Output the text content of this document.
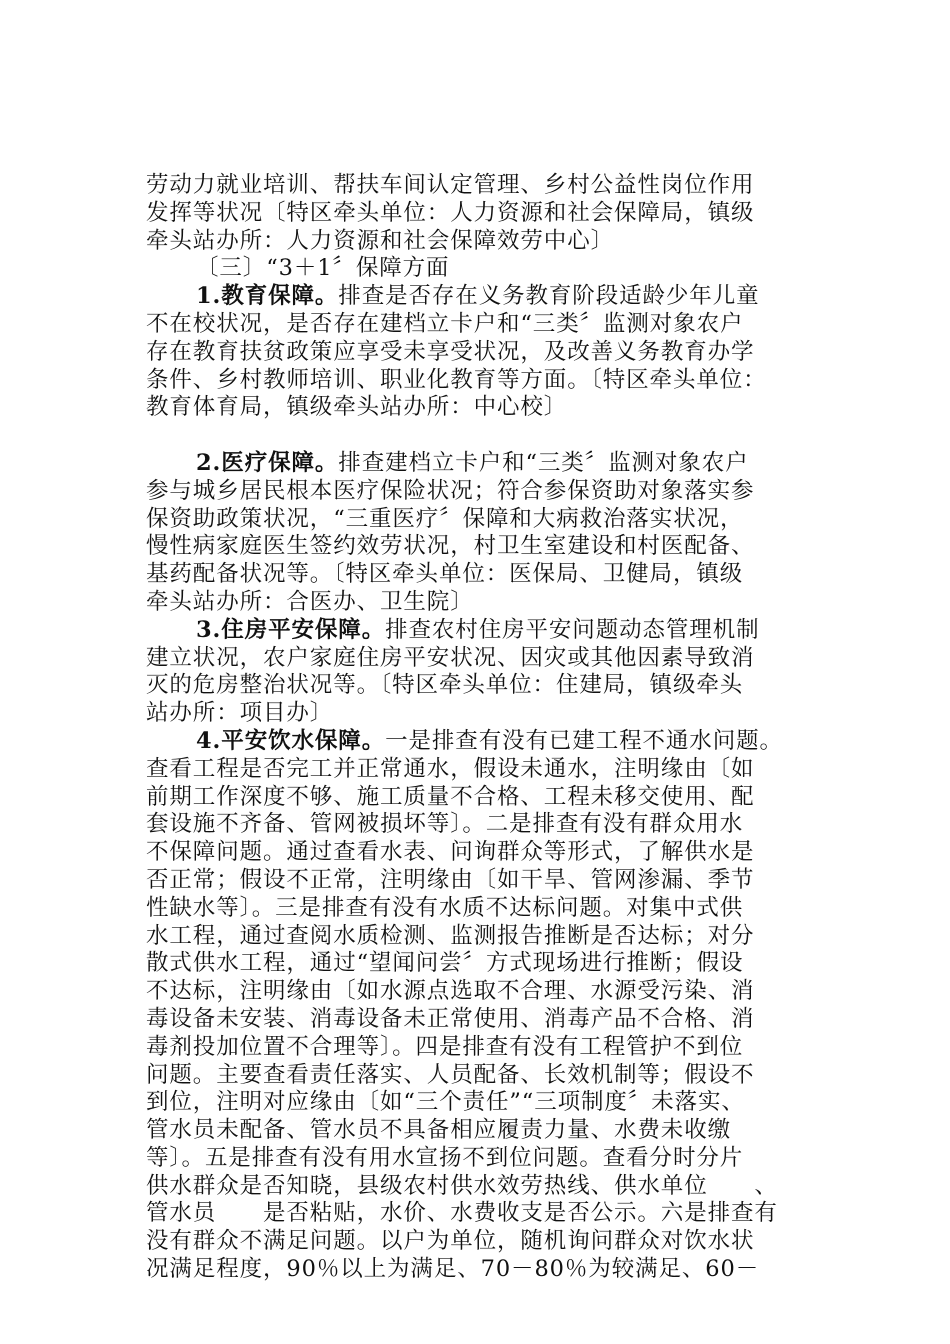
劳动力就业培训、帮扶车间认定管理、乡村公益性岗位作用
发挥等状况〔特区牵头单位：人力资源和社会保障局，镇级
牵头站办所：人力资源和社会保障效劳中心〕
〔三〕“3＋1〞保障方面
1.教育保障。排查是否存在义务教育阶段适龄少年儿童
不在校状况，是否存在建档立卡户和“三类〞监测对象农户
存在教育扶贫政策应享受未享受状况，及改善义务教育办学
条件、乡村教师培训、职业化教育等方面。〔特区牵头单位：
教育体育局，镇级牵头站办所：中心校〕
2.医疗保障。排查建档立卡户和“三类〞监测对象农户
参与城乡居民根本医疗保险状况；符合参保资助对象落实参
保资助政策状况，“三重医疗〞保障和大病救治落实状况，
慢性病家庭医生签约效劳状况，村卫生室建设和村医配备、
基药配备状况等。〔特区牵头单位：医保局、卫健局，镇级
牵头站办所：合医办、卫生院〕
3.住房平安保障。排查农村住房平安问题动态管理机制
建立状况，农户家庭住房平安状况、因灾或其他因素导致消
灭的危房整治状况等。〔特区牵头单位：住建局，镇级牵头
站办所：项目办〕
4.平安饮水保障。一是排查有没有已建工程不通水问题。
查看工程是否完工并正常通水，假设未通水，注明缘由〔如
前期工作深度不够、施工质量不合格、工程未移交使用、配
套设施不齐备、管网被损坏等〕。二是排查有没有群众用水
不保障问题。通过查看水表、问询群众等形式，了解供水是
否正常；假设不正常，注明缘由〔如干旱、管网渗漏、季节
性缺水等〕。三是排查有没有水质不达标问题。对集中式供
水工程，通过查阅水质检测、监测报告推断是否达标；对分
散式供水工程，通过“望闻问尝〞方式现场进行推断；假设
不达标，注明缘由〔如水源点选取不合理、水源受污染、消
毒设备未安装、消毒设备未正常使用、消毒产品不合格、消
毒剂投加位置不合理等〕。四是排查有没有工程管护不到位
问题。主要查看责任落实、人员配备、长效机制等；假设不
到位，注明对应缘由〔如“三个责任”“三项制度〞未落实、
管水员未配备、管水员不具备相应履责力量、水费未收缴
等〕。五是排查有没有用水宣扬不到位问题。查看分时分片
供水群众是否知晓，县级农村供水效劳热线、供水单位　　、
管水员　　是否粘贴，水价、水费收支是否公示。六是排查有
没有群众不满足问题。以户为单位，随机询问群众对饮水状
况满足程度，90％以上为满足、70－80％为较满足、60－
